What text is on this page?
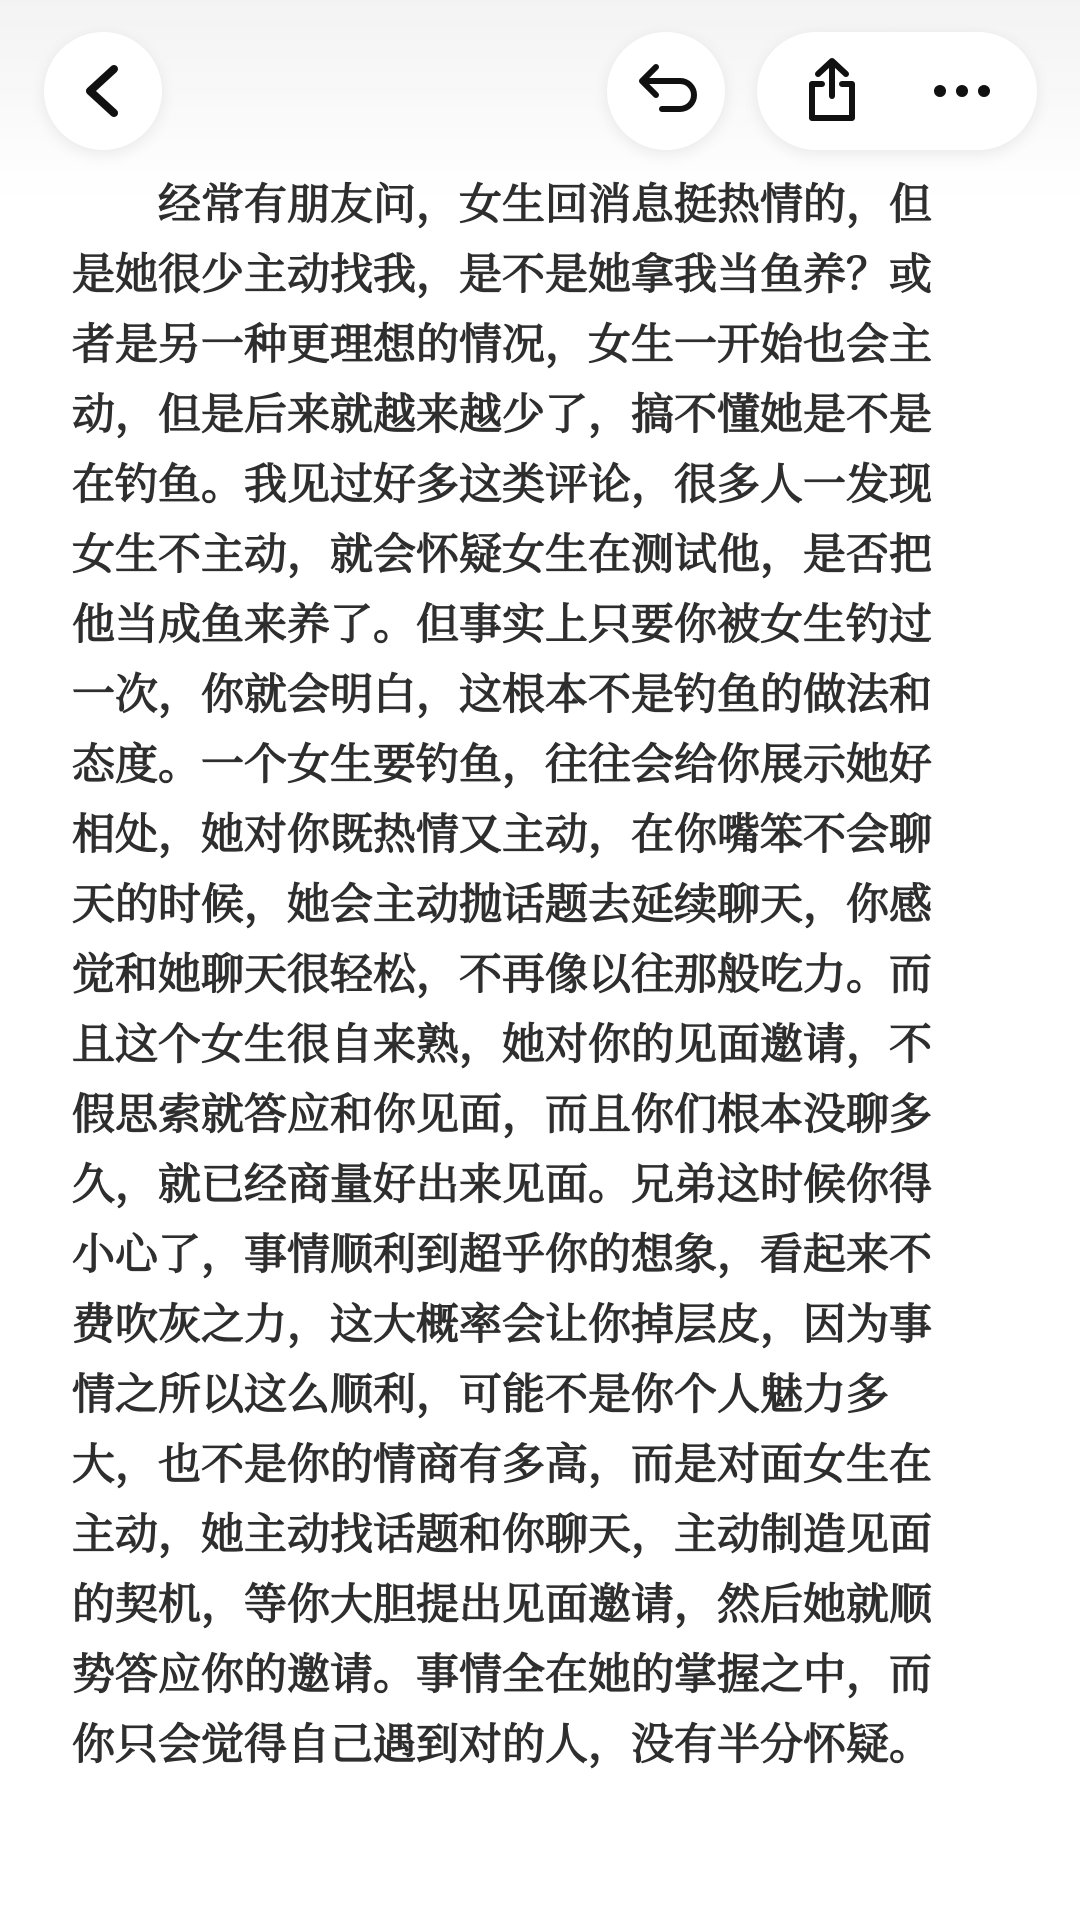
经常有朋友问，女生回消息挺热情的，但
是她很少主动找我，是不是她拿我当鱼养？或
者是另一种更理想的情况，女生一开始也会主
动，但是后来就越来越少了，搞不懂她是不是
在钓鱼。我见过好多这类评论，很多人一发现
女生不主动，就会怀疑女生在测试他，是否把
他当成鱼来养了。但事实上只要你被女生钓过
一次，你就会明白，这根本不是钓鱼的做法和
态度。一个女生要钓鱼，往往会给你展示她好
相处，她对你既热情又主动，在你嘴笨不会聊
天的时候，她会主动抛话题去延续聊天，你感
觉和她聊天很轻松，不再像以往那般吃力。而
且这个女生很自来熟，她对你的见面邀请，不
假思索就答应和你见面，而且你们根本没聊多
久，就已经商量好出来见面。兄弟这时候你得
小心了，事情顺利到超乎你的想象，看起来不
费吹灰之力，这大概率会让你掉层皮，因为事
情之所以这么顺利，可能不是你个人魅力多
大，也不是你的情商有多高，而是对面女生在
主动，她主动找话题和你聊天，主动制造见面
的契机，等你大胆提出见面邀请，然后她就顺
势答应你的邀请。事情全在她的掌握之中，而
你只会觉得自己遇到对的人，没有半分怀疑。
